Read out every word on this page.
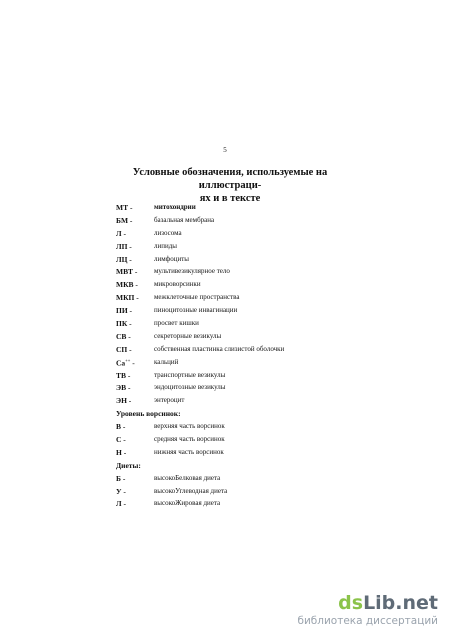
5
Условные обозначения, используемые на иллюстраци-
ях и в тексте
МТ -	митохондрии
БМ -	базальная мембрана
Л -	лизосома
ЛП -	липиды
ЛЦ -	лимфоциты
МВТ - мультивезикулярное тело
МКВ - микроворсинки
МКП - межклеточные пространства
ПИ -	пиноцитозные инвагинации
ПК -	просвет кишки
СВ -	секреторные везикулы
СП -	собственная пластинка слизистой оболочки
Са++ -	кальций
ТВ -	транспортные везикулы
ЭВ -	эндоцитозные везикулы
ЭН -	энтероцит
Уровень ворсинок:
В -	верхняя часть ворсинок
С -	средняя часть ворсинок
Н -	нижняя часть ворсинок
Диеты:
Б -	высокоБелковая диета
У -	высокоУглеводная диета
Л -	высокоЖировая диета
dsLib.net
библиотека диссертаций
